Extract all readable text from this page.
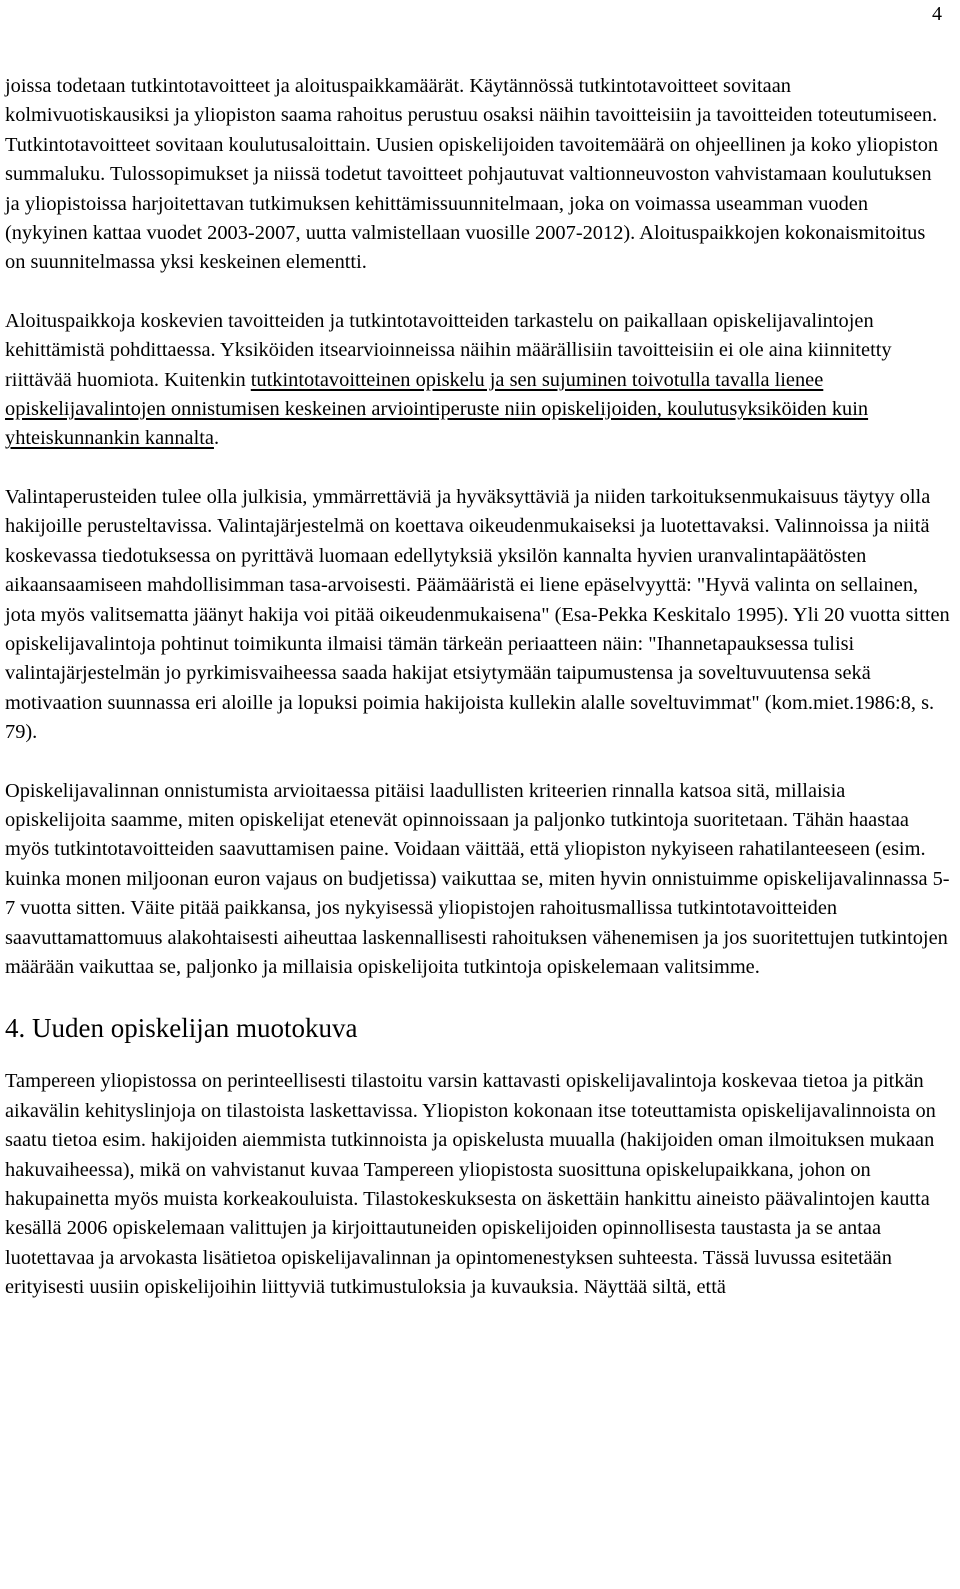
4

joissa todetaan tutkintotavoitteet ja aloituspaikkamäärät. Käytännössä tutkintotavoitteet sovitaan kolmivuotiskausiksi ja yliopiston saama rahoitus perustuu osaksi näihin tavoitteisiin ja tavoitteiden toteutumiseen. Tutkintotavoitteet sovitaan koulutusaloittain. Uusien opiskelijoiden tavoitemäärä on ohjeellinen ja koko yliopiston summaluku. Tulossopimukset ja niissä todetut tavoitteet pohjautuvat valtionneuvoston vahvistamaan koulutuksen ja yliopistoissa harjoitettavan tutkimuksen kehittämissuunnitelmaan, joka on voimassa useamman vuoden (nykyinen kattaa vuodet 2003-2007, uutta valmistellaan vuosille 2007-2012). Aloituspaikkojen kokonaismitoitus on suunnitelmassa yksi keskeinen elementti.

Aloituspaikkoja koskevien tavoitteiden ja tutkintotavoitteiden tarkastelu on paikallaan opiskelijavalintojen kehittämistä pohdittaessa. Yksiköiden itsearvioinneissa näihin määrällisiin tavoitteisiin ei ole aina kiinnitetty riittävää huomiota. Kuitenkin tutkintotavoitteinen opiskelu ja sen sujuminen toivotulla tavalla lienee opiskelijavalintojen onnistumisen keskeinen arviointiperuste niin opiskelijoiden, koulutusyksiköiden kuin yhteiskunnankin kannalta.

Valintaperusteiden tulee olla julkisia, ymmärrettäviä ja hyväksyttäviä ja niiden tarkoituksenmukaisuus täytyy olla hakijoille perusteltavissa. Valintajärjestelmä on koettava oikeudenmukaiseksi ja luotettavaksi. Valinnoissa ja niitä koskevassa tiedotuksessa on pyrittävä luomaan edellytyksiä yksilön kannalta hyvien uranvalintapäätösten aikaansaamiseen mahdollisimman tasa-arvoisesti. Päämääristä ei liene epäselvyyttä: "Hyvä valinta on sellainen, jota myös valitsematta jäänyt hakija voi pitää oikeudenmukaisena" (Esa-Pekka Keskitalo 1995). Yli 20 vuotta sitten opiskelijavalintoja pohtinut toimikunta ilmaisi tämän tärkeän periaatteen näin: "Ihannetapauksessa tulisi valintajärjestelmän jo pyrkimisvaiheessa saada hakijat etsiytymään taipumustensa ja soveltuvuutensa sekä motivaation suunnassa eri aloille ja lopuksi poimia hakijoista kullekin alalle soveltuvimmat" (kom.miet.1986:8, s. 79).

Opiskelijavalinnan onnistumista arvioitaessa pitäisi laadullisten kriteerien rinnalla katsoa sitä, millaisia opiskelijoita saamme, miten opiskelijat etenevät opinnoissaan ja paljonko tutkintoja suoritetaan. Tähän haastaa myös tutkintotavoitteiden saavuttamisen paine. Voidaan väittää, että yliopiston nykyiseen rahatilanteeseen (esim. kuinka monen miljoonan euron vajaus on budjetissa) vaikuttaa se, miten hyvin onnistuimme opiskelijavalinnassa 5-7 vuotta sitten. Väite pitää paikkansa, jos nykyisessä yliopistojen rahoitusmallissa tutkintotavoitteiden saavuttamattomuus alakohtaisesti aiheuttaa laskennallisesti rahoituksen vähenemisen ja jos suoritettujen tutkintojen määrään vaikuttaa se, paljonko ja millaisia opiskelijoita tutkintoja opiskelemaan valitsimme.

4. Uuden opiskelijan muotokuva

Tampereen yliopistossa on perinteellisesti tilastoitu varsin kattavasti opiskelijavalintoja koskevaa tietoa ja pitkän aikavälin kehityslinjoja on tilastoista laskettavissa. Yliopiston kokonaan itse toteuttamista opiskelijavalinnoista on saatu tietoa esim. hakijoiden aiemmista tutkinnoista ja opiskelusta muualla (hakijoiden oman ilmoituksen mukaan hakuvaiheessa), mikä on vahvistanut kuvaa Tampereen yliopistosta suosittuna opiskelupaikkana, johon on hakupainetta myös muista korkeakouluista. Tilastokeskuksesta on äskettäin hankittu aineisto päävalintojen kautta kesällä 2006 opiskelemaan valittujen ja kirjoittautuneiden opiskelijoiden opinnollisesta taustasta ja se antaa luotettavaa ja arvokasta lisätietoa opiskelijavalinnan ja opintomenestyksen suhteesta. Tässä luvussa esitetään erityisesti uusiin opiskelijoihin liittyviä tutkimustuloksia ja kuvauksia. Näyttää siltä, että
